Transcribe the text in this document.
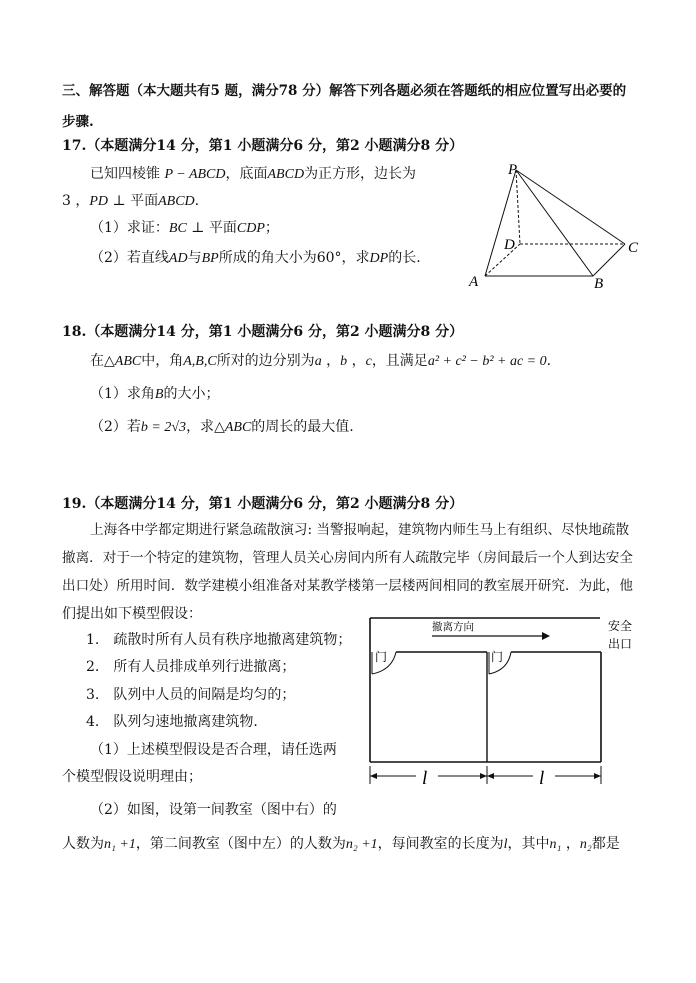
三、解答题（本大题共有5 题，满分78 分）解答下列各题必须在答题纸的相应位置写出必要的
步骤.
17.（本题满分14 分，第1 小题满分6 分，第2 小题满分8 分）
已知四棱锥 P − ABCD，底面ABCD为正方形，边长为
3 ，PD ⊥ 平面ABCD.
（1）求证：BC ⊥ 平面CDP；
（2）若直线AD与BP所成的角大小为60°，求DP的长.
P
D	C
A	B
18.（本题满分14 分，第1 小题满分6 分，第2 小题满分8 分）
在△ABC中，角A,B,C所对的边分别为a ，b ，c，且满足a² + c² − b² + ac = 0.
（1）求角B的大小；
（2）若b = 2√3，求△ABC的周长的最大值.
19.（本题满分14 分，第1 小题满分6 分，第2 小题满分8 分）
上海各中学都定期进行紧急疏散演习: 当警报响起，建筑物内师生马上有组织、尽快地疏散
撤离．对于一个特定的建筑物，管理人员关心房间内所有人疏散完毕（房间最后一个人到达安全
出口处）所用时间．数学建模小组准备对某教学楼第一层楼两间相同的教室展开研究．为此，他
们提出如下模型假设：
1. 疏散时所有人员有秩序地撤离建筑物；
2. 所有人员排成单列行进撤离；
3. 队列中人员的间隔是均匀的；
4. 队列匀速地撤离建筑物.
（1）上述模型假设是否合理，请任选两
个模型假设说明理由；
（2）如图，设第一间教室（图中右）的
人数为n₁ +1，第二间教室（图中左）的人数为n₂ +1，每间教室的长度为l，其中n₁ ，n₂都是
门	门
撤离方向	安全
出口
l	l
